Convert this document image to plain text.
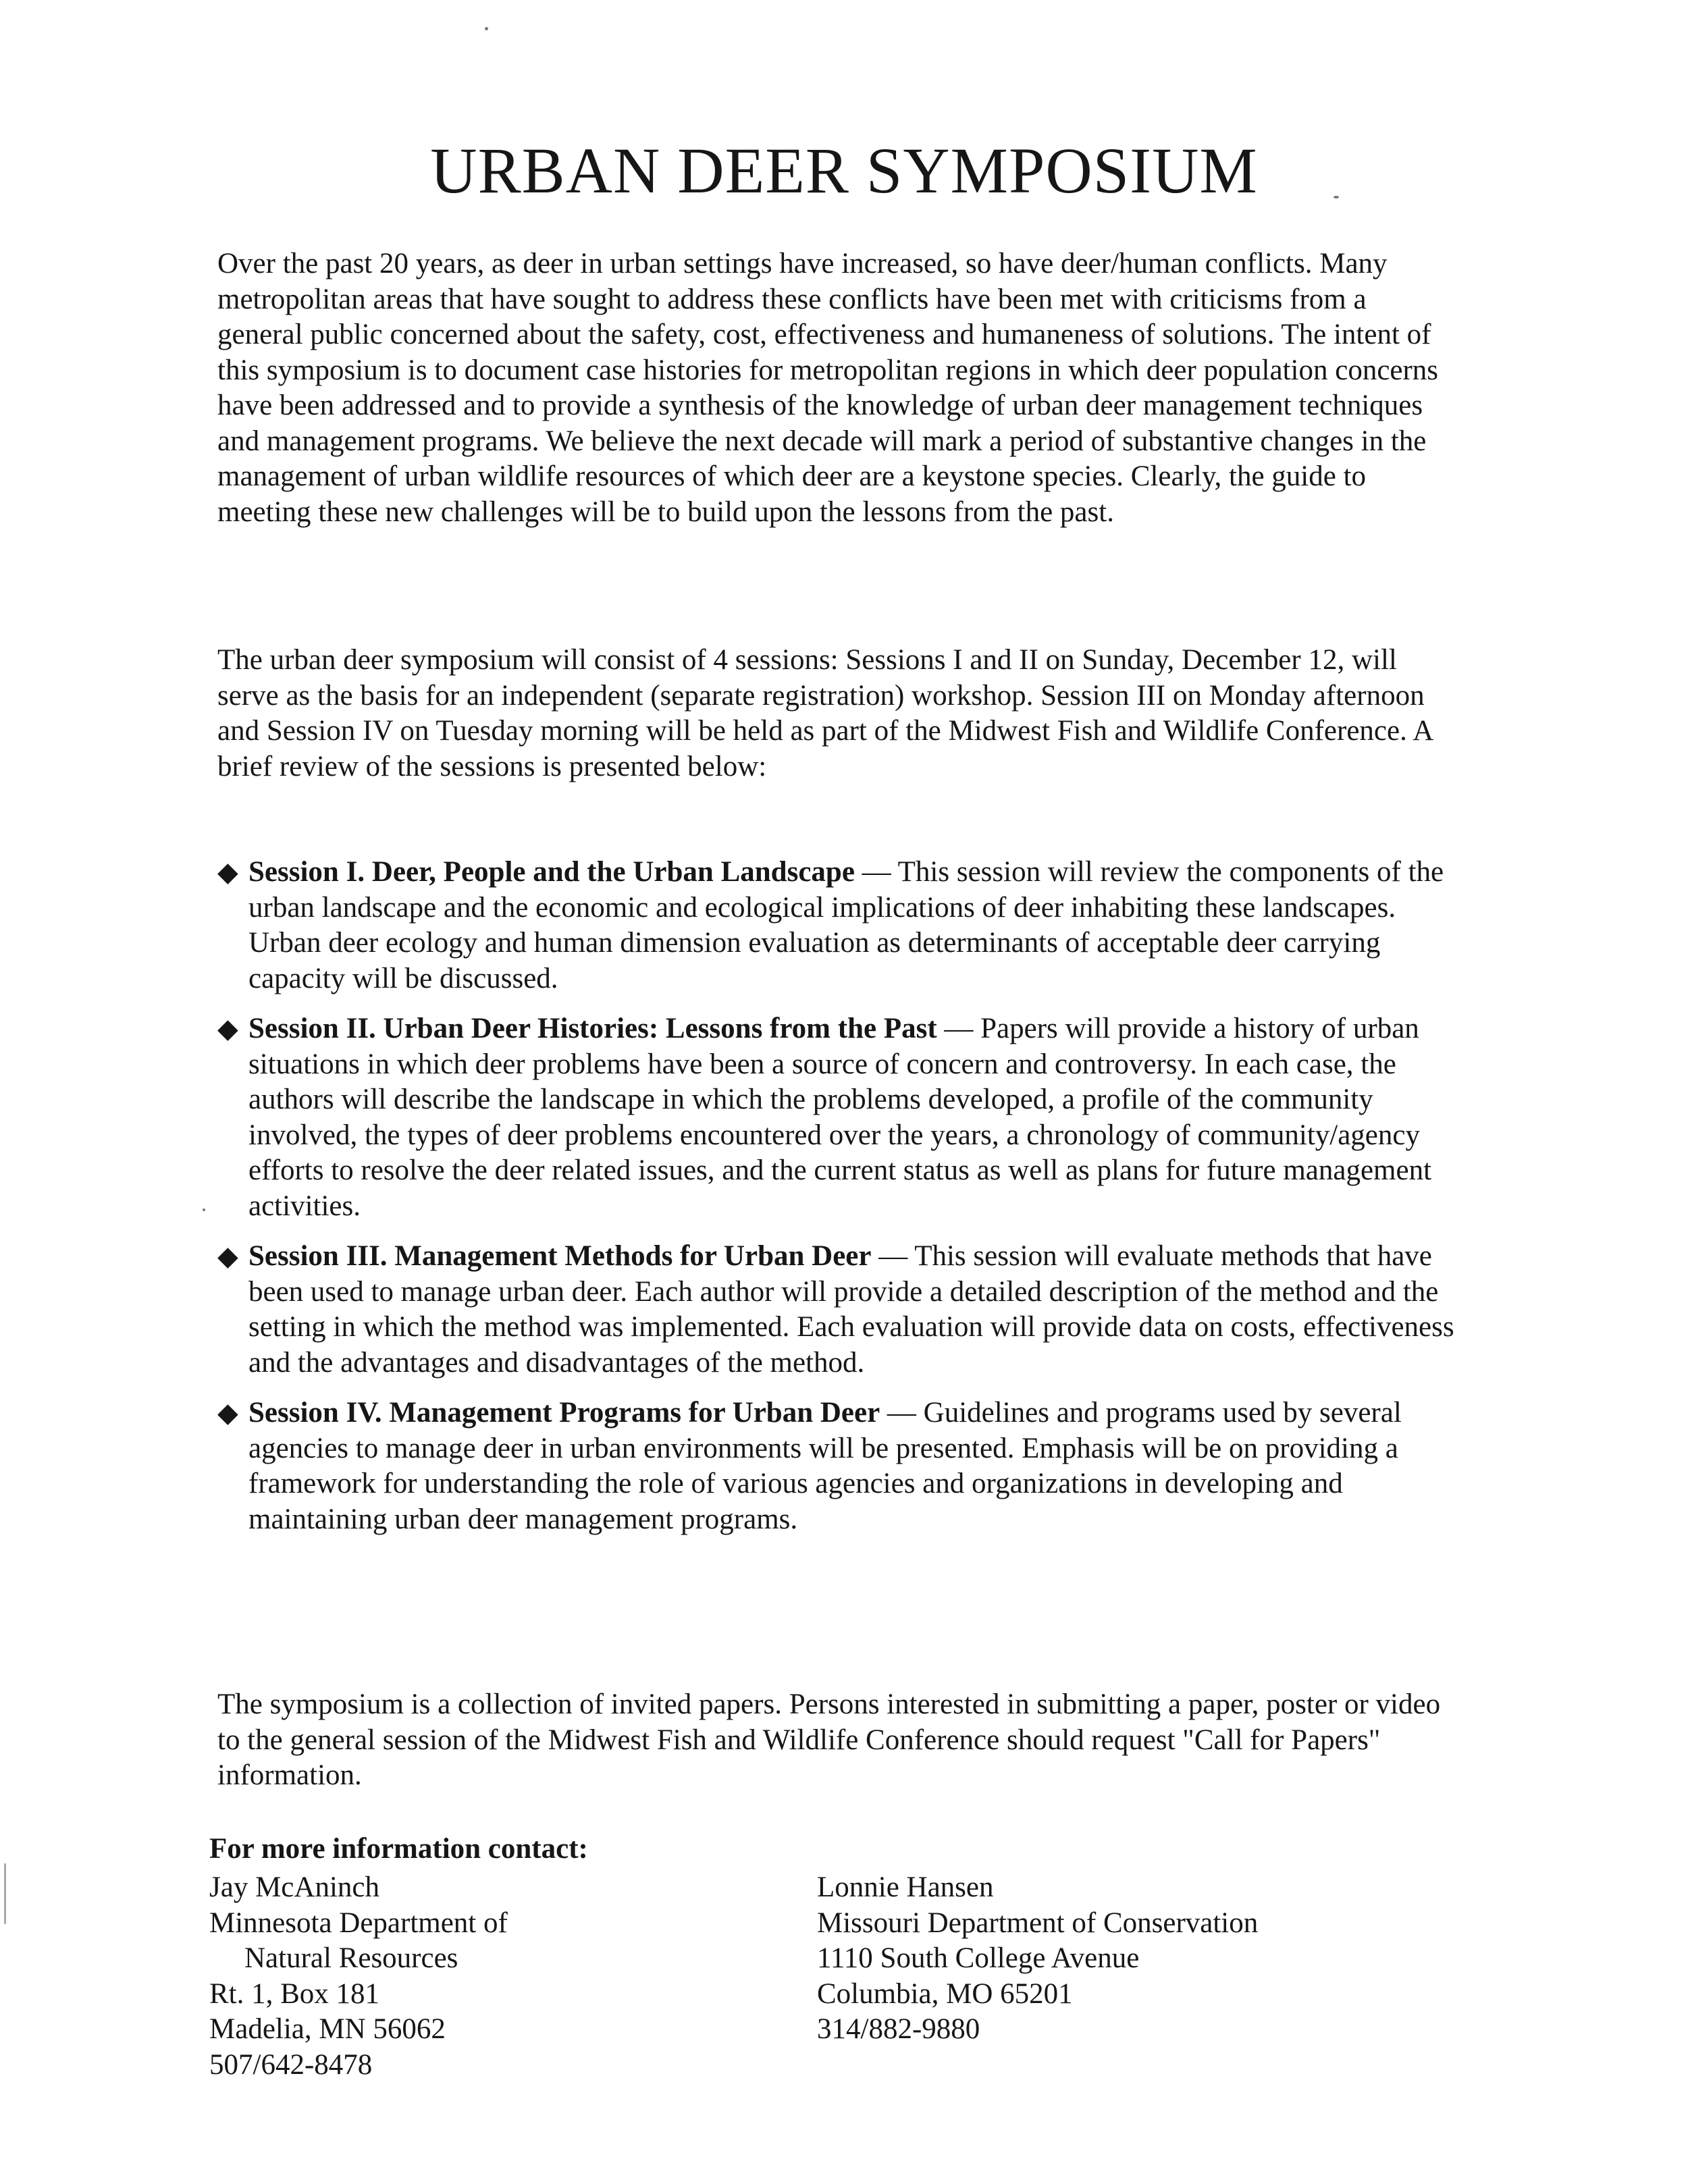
URBAN DEER SYMPOSIUM

Over the past 20 years, as deer in urban settings have increased, so have deer/human conflicts. Many metropolitan areas that have sought to address these conflicts have been met with criticisms from a general public concerned about the safety, cost, effectiveness and humaneness of solutions. The intent of this symposium is to document case histories for metropolitan regions in which deer population concerns have been addressed and to provide a synthesis of the knowledge of urban deer management techniques and management programs. We believe the next decade will mark a period of substantive changes in the management of urban wildlife resources of which deer are a keystone species. Clearly, the guide to meeting these new challenges will be to build upon the lessons from the past.

The urban deer symposium will consist of 4 sessions: Sessions I and II on Sunday, December 12, will serve as the basis for an independent (separate registration) workshop. Session III on Monday afternoon and Session IV on Tuesday morning will be held as part of the Midwest Fish and Wildlife Conference. A brief review of the sessions is presented below:

◆ Session I. Deer, People and the Urban Landscape — This session will review the components of the urban landscape and the economic and ecological implications of deer inhabiting these landscapes. Urban deer ecology and human dimension evaluation as determinants of acceptable deer carrying capacity will be discussed.
◆ Session II. Urban Deer Histories: Lessons from the Past — Papers will provide a history of urban situations in which deer problems have been a source of concern and controversy. In each case, the authors will describe the landscape in which the problems developed, a profile of the community involved, the types of deer problems encountered over the years, a chronology of community/agency efforts to resolve the deer related issues, and the current status as well as plans for future management activities.
◆ Session III. Management Methods for Urban Deer — This session will evaluate methods that have been used to manage urban deer. Each author will provide a detailed description of the method and the setting in which the method was implemented. Each evaluation will provide data on costs, effectiveness and the advantages and disadvantages of the method.
◆ Session IV. Management Programs for Urban Deer — Guidelines and programs used by several agencies to manage deer in urban environments will be presented. Emphasis will be on providing a framework for understanding the role of various agencies and organizations in developing and maintaining urban deer management programs.

The symposium is a collection of invited papers. Persons interested in submitting a paper, poster or video to the general session of the Midwest Fish and Wildlife Conference should request "Call for Papers" information.

For more information contact:

Jay McAninch
Minnesota Department of
Natural Resources
Rt. 1, Box 181
Madelia, MN 56062
507/642-8478
Lonnie Hansen
Missouri Department of Conservation
1110 South College Avenue
Columbia, MO 65201
314/882-9880
